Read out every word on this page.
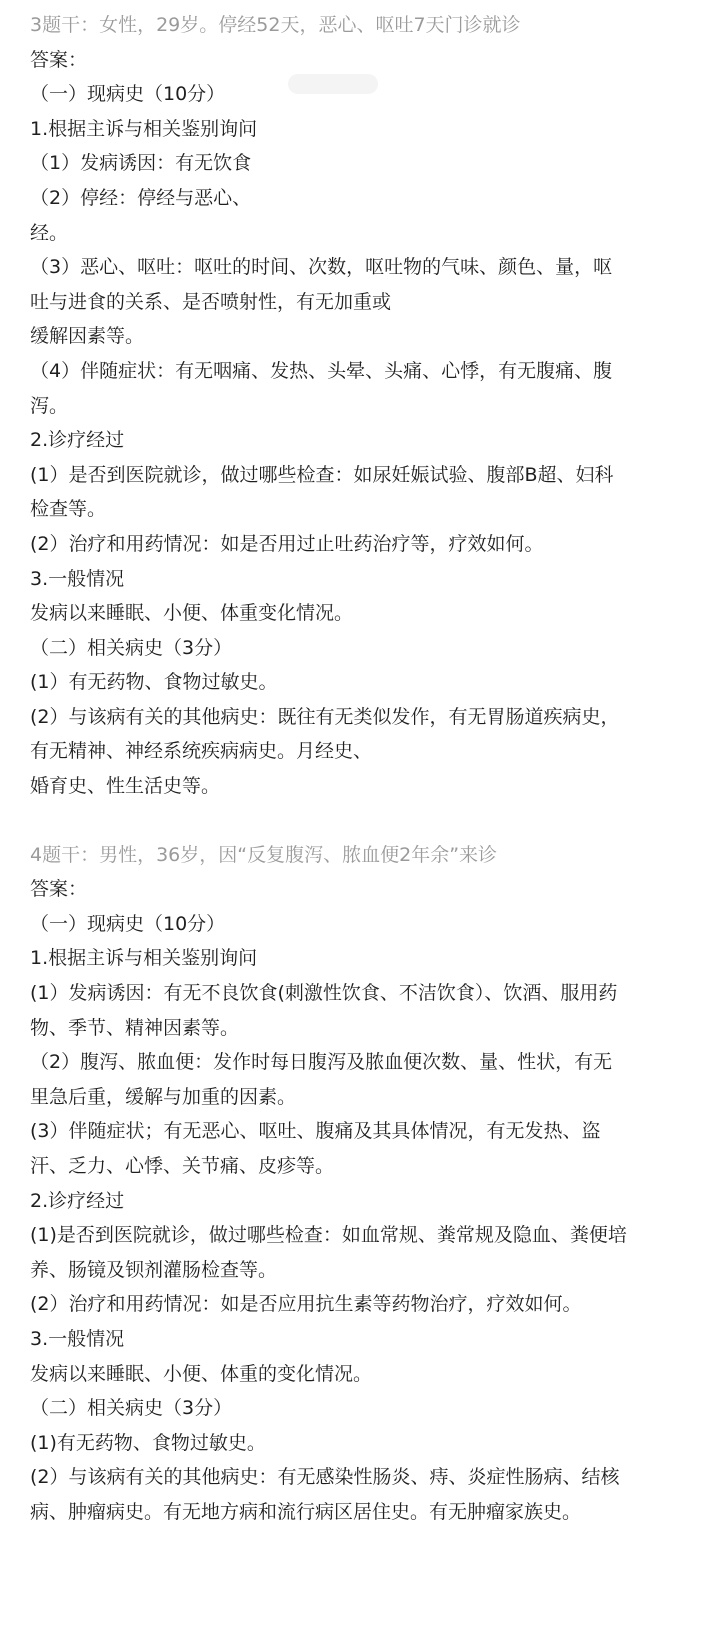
3题干：女性，29岁。停经52天，恶心、呕吐7天门诊就诊
答案：
（一）现病史（10分）
1.根据主诉与相关鉴别询问
（1）发病诱因：有无饮食
（2）停经：停经与恶心、
经。
（3）恶心、呕吐：呕吐的时间、次数，呕吐物的气味、颜色、量，呕
吐与进食的关系、是否喷射性，有无加重或
缓解因素等。
（4）伴随症状：有无咽痛、发热、头晕、头痛、心悸，有无腹痛、腹
泻。
2.诊疗经过
(1）是否到医院就诊，做过哪些检查：如尿妊娠试验、腹部B超、妇科
检查等。
(2）治疗和用药情况：如是否用过止吐药治疗等，疗效如何。
3.一般情况
发病以来睡眠、小便、体重变化情况。
（二）相关病史（3分）
(1）有无药物、食物过敏史。
(2）与该病有关的其他病史：既往有无类似发作，有无胃肠道疾病史，
有无精神、神经系统疾病病史。月经史、
婚育史、性生活史等。
4题干：男性，36岁，因“反复腹泻、脓血便2年余”来诊
答案：
（一）现病史（10分）
1.根据主诉与相关鉴别询问
(1）发病诱因：有无不良饮食(刺激性饮食、不洁饮食）、饮酒、服用药
物、季节、精神因素等。
（2）腹泻、脓血便：发作时每日腹泻及脓血便次数、量、性状，有无
里急后重，缓解与加重的因素。
(3）伴随症状；有无恶心、呕吐、腹痛及其具体情况，有无发热、盗
汗、乏力、心悸、关节痛、皮疹等。
2.诊疗经过
(1)是否到医院就诊，做过哪些检查：如血常规、粪常规及隐血、粪便培
养、肠镜及钡剂灌肠检查等。
(2）治疗和用药情况：如是否应用抗生素等药物治疗，疗效如何。
3.一般情况
发病以来睡眠、小便、体重的变化情况。
（二）相关病史（3分）
(1)有无药物、食物过敏史。
(2）与该病有关的其他病史：有无感染性肠炎、痔、炎症性肠病、结核
病、肿瘤病史。有无地方病和流行病区居住史。有无肿瘤家族史。
